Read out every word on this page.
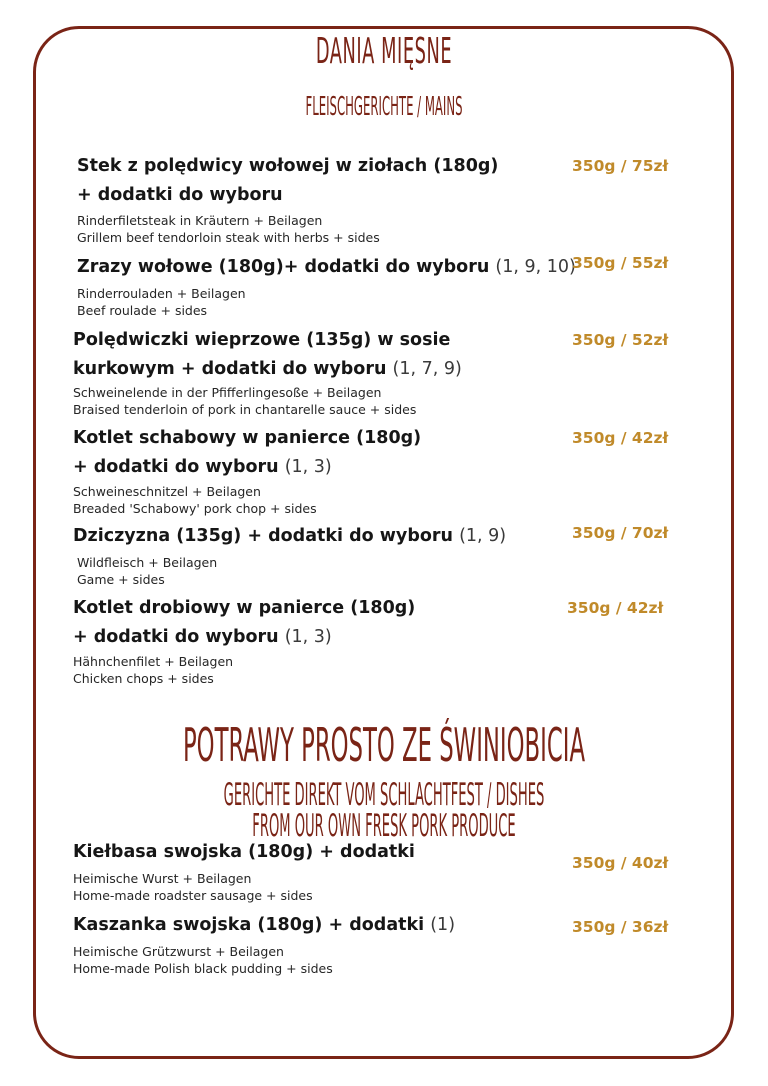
DANIA MIĘSNE
FLEISCHGERICHTE / MAINS
Stek z polędwicy wołowej w ziołach (180g)
+ dodatki do wyboru
350g / 75zł
Rinderfiletsteak in Kräutern + Beilagen
Grillem beef tendorloin steak with herbs + sides
Zrazy wołowe (180g)+ dodatki do wyboru (1, 9, 10)
350g / 55zł
Rinderrouladen + Beilagen
Beef roulade + sides
Polędwiczki wieprzowe (135g) w sosie
kurkowym + dodatki do wyboru (1, 7, 9)
350g / 52zł
Schweinelende in der Pfifferlingesoße + Beilagen
Braised tenderloin of pork in chantarelle sauce + sides
Kotlet schabowy w panierce (180g)
+ dodatki do wyboru (1, 3)
350g / 42zł
Schweineschnitzel + Beilagen
Breaded 'Schabowy' pork chop + sides
Dziczyzna (135g) + dodatki do wyboru (1, 9)	350g / 70zł
Wildfleisch + Beilagen
Game + sides
Kotlet drobiowy w panierce (180g)
+ dodatki do wyboru (1, 3)
350g / 42zł
Hähnchenfilet + Beilagen
Chicken chops + sides
POTRAWY PROSTO ZE ŚWINIOBICIA
GERICHTE DIREKT VOM SCHLACHTFEST / DISHES FROM OUR OWN FRESK PORK PRODUCE
Kiełbasa swojska (180g) + dodatki
350g / 40zł
Heimische Wurst + Beilagen
Home-made roadster sausage + sides
Kaszanka swojska (180g) + dodatki (1)	350g / 36zł
Heimische Grützwurst + Beilagen
Home-made Polish black pudding + sides
